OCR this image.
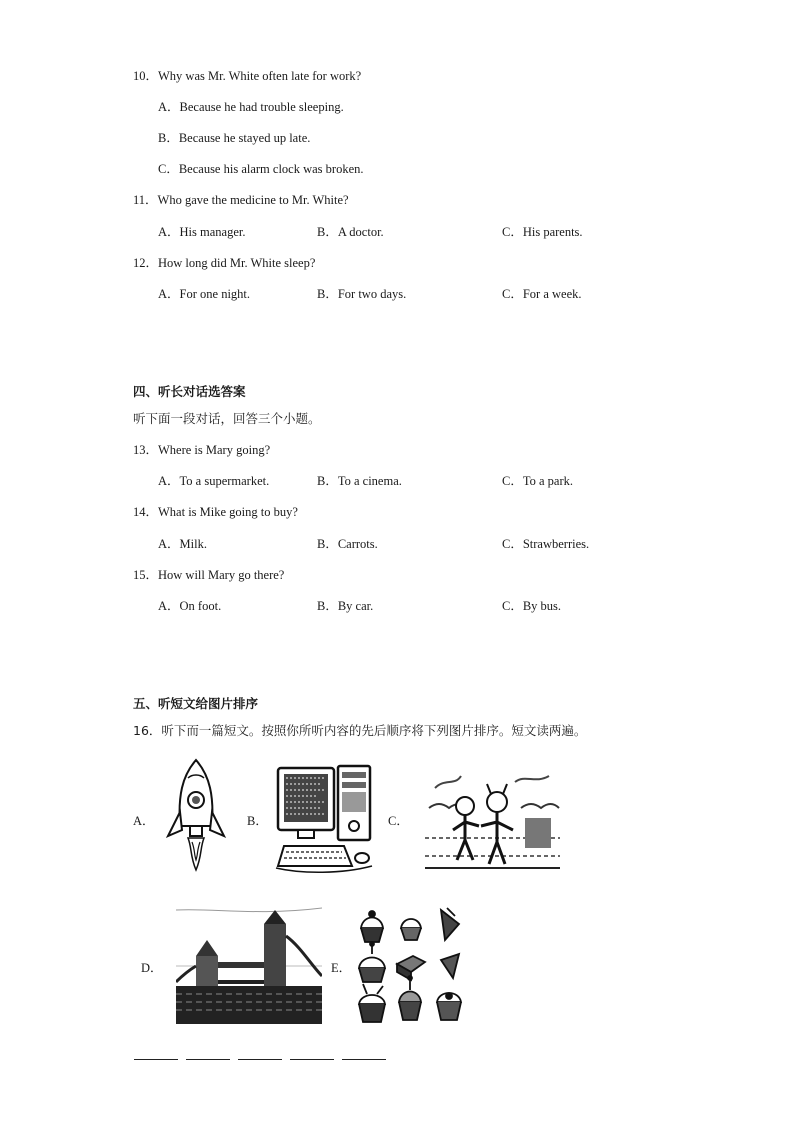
10．Why was Mr. White often late for work?
A．Because he had trouble sleeping.
B．Because he stayed up late.
C．Because his alarm clock was broken.
11．Who gave the medicine to Mr. White?
A．His manager.	B．A doctor.	C．His parents.
12．How long did Mr. White sleep?
A．For one night.	B．For two days.	C．For a week.
四、听长对话选答案
听下面一段对话，回答三个小题。
13．Where is Mary going?
A．To a supermarket.	B．To a cinema.	C．To a park.
14．What is Mike going to buy?
A．Milk.	B．Carrots.	C．Strawberries.
15．How will Mary go there?
A．On foot.	B．By car.	C．By bus.
五、听短文给图片排序
16．听下而一篇短文。按照你所听内容的先后顺序将下列图片排序。短文读两遍。
A．	B．	C．
D．	E．
